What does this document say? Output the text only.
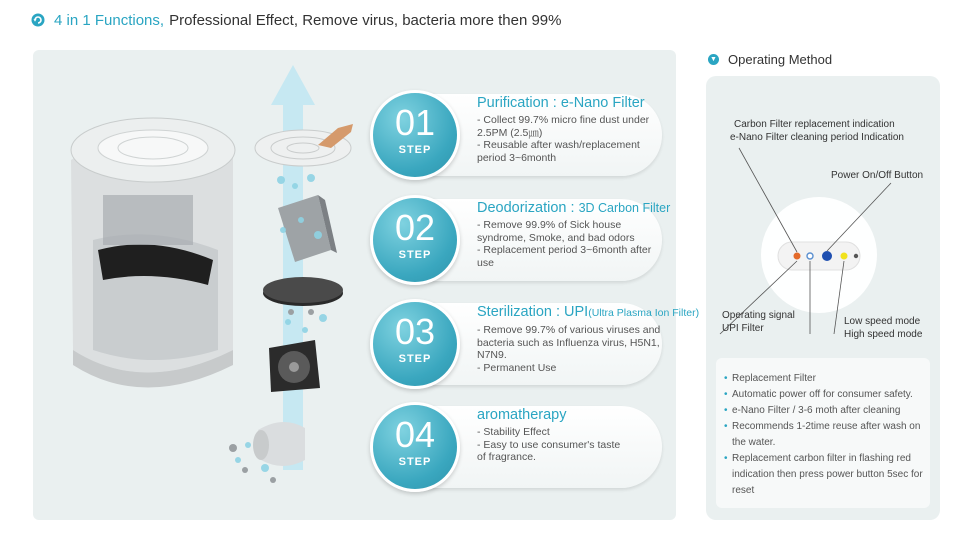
4 in 1 Functions, Professional Effect, Remove virus, bacteria more then 99%
01
STEP
Purification : e-Nano Filter
- Collect 99.7% micro fine dust under 2.5PM (2.5㎛)
- Reusable after wash/replacement period 3~6month
02
STEP
Deodorization : 3D Carbon Filter
- Remove 99.9% of Sick house
syndrome, Smoke, and bad odors
- Replacement period 3~6month after use
03
STEP
Sterilization : UPI(Ultra Plasma Ion Filter)
- Remove 99.7% of various viruses and
bacteria such as Influenza virus, H5N1, N7N9.
- Permanent Use
04
STEP
aromatherapy
- Stability Effect
- Easy to use consumer's taste
of fragrance.
▼ Operating Method
Carbon Filter replacement indication
e-Nano Filter cleaning period Indication
Power On/Off Button
Operating signal
UPI Filter
Low speed mode
High speed mode
• Replacement Filter
• Automatic power off for consumer safety.
• e-Nano Filter / 3-6 moth after cleaning
• Recommends 1-2time reuse after wash on the water.
• Replacement carbon filter in flashing red indication then press power button 5sec for reset
